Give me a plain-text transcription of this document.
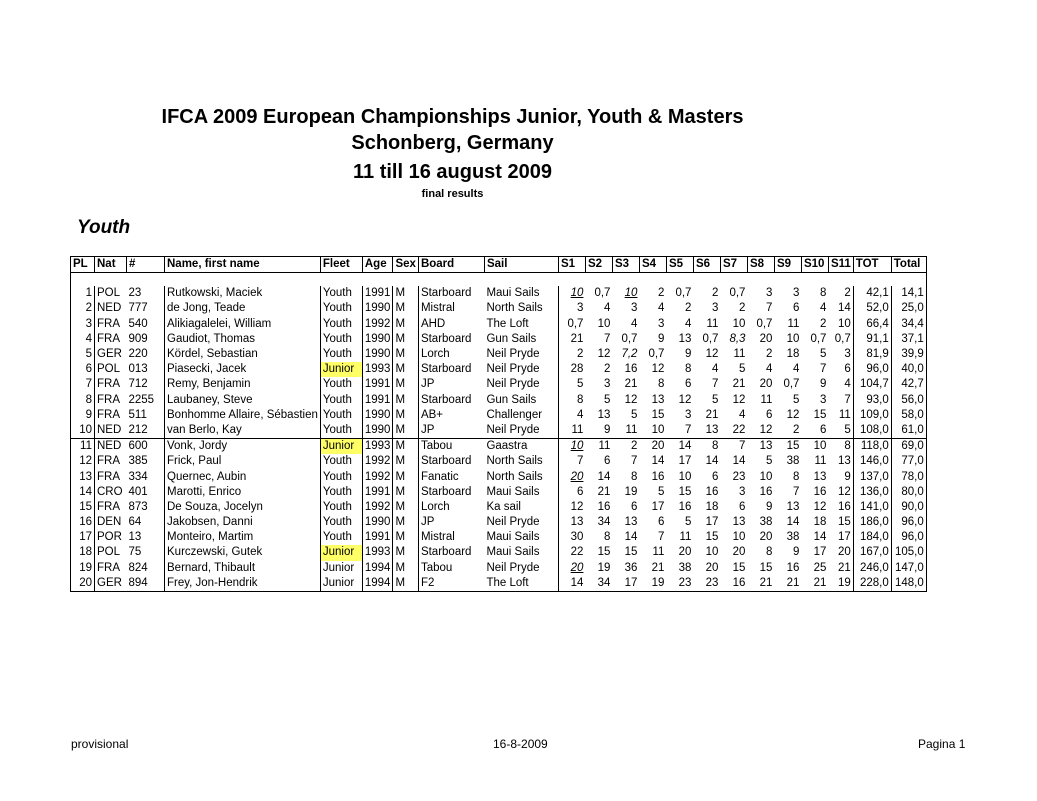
IFCA 2009 European Championships Junior, Youth & Masters
Schonberg, Germany
11 till 16 august 2009
final results
Youth
PL	Nat	#	Name, first name	Fleet	Age	Sex	Board	Sail	S1	S2	S3	S4	S5	S6	S7	S8	S9	S10	S11	TOT	Total

1	POL	23	Rutkowski, Maciek	Youth	1991	M	Starboard	Maui Sails	10	0,7	10	2	0,7	2	0,7	3	3	8	2	42,1	14,1
2	NED	777	de Jong, Teade	Youth	1990	M	Mistral	North Sails	3	4	3	4	2	3	2	7	6	4	14	52,0	25,0
3	FRA	540	Alikiagalelei, William	Youth	1992	M	AHD	The Loft	0,7	10	4	3	4	11	10	0,7	11	2	10	66,4	34,4
4	FRA	909	Gaudiot, Thomas	Youth	1990	M	Starboard	Gun Sails	21	7	0,7	9	13	0,7	8,3	20	10	0,7	0,7	91,1	37,1
5	GER	220	Kördel, Sebastian	Youth	1990	M	Lorch	Neil Pryde	2	12	7,2	0,7	9	12	11	2	18	5	3	81,9	39,9
6	POL	013	Piasecki, Jacek	Junior	1993	M	Starboard	Neil Pryde	28	2	16	12	8	4	5	4	4	7	6	96,0	40,0
7	FRA	712	Remy, Benjamin	Youth	1991	M	JP	Neil Pryde	5	3	21	8	6	7	21	20	0,7	9	4	104,7	42,7
8	FRA	2255	Laubaney, Steve	Youth	1991	M	Starboard	Gun Sails	8	5	12	13	12	5	12	11	5	3	7	93,0	56,0
9	FRA	511	Bonhomme Allaire, Sébastien	Youth	1990	M	AB+	Challenger	4	13	5	15	3	21	4	6	12	15	11	109,0	58,0
10	NED	212	van Berlo, Kay	Youth	1990	M	JP	Neil Pryde	11	9	11	10	7	13	22	12	2	6	5	108,0	61,0
11	NED	600	Vonk, Jordy	Junior	1993	M	Tabou	Gaastra	10	11	2	20	14	8	7	13	15	10	8	118,0	69,0
12	FRA	385	Frick, Paul	Youth	1992	M	Starboard	North Sails	7	6	7	14	17	14	14	5	38	11	13	146,0	77,0
13	FRA	334	Quernec, Aubin	Youth	1992	M	Fanatic	North Sails	20	14	8	16	10	6	23	10	8	13	9	137,0	78,0
14	CRO	401	Marotti, Enrico	Youth	1991	M	Starboard	Maui Sails	6	21	19	5	15	16	3	16	7	16	12	136,0	80,0
15	FRA	873	De Souza, Jocelyn	Youth	1992	M	Lorch	Ka sail	12	16	6	17	16	18	6	9	13	12	16	141,0	90,0
16	DEN	64	Jakobsen, Danni	Youth	1990	M	JP	Neil Pryde	13	34	13	6	5	17	13	38	14	18	15	186,0	96,0
17	POR	13	Monteiro, Martim	Youth	1991	M	Mistral	Maui Sails	30	8	14	7	11	15	10	20	38	14	17	184,0	96,0
18	POL	75	Kurczewski, Gutek	Junior	1993	M	Starboard	Maui Sails	22	15	15	11	20	10	20	8	9	17	20	167,0	105,0
19	FRA	824	Bernard, Thibault	Junior	1994	M	Tabou	Neil Pryde	20	19	36	21	38	20	15	15	16	25	21	246,0	147,0
20	GER	894	Frey, Jon-Hendrik	Junior	1994	M	F2	The Loft	14	34	17	19	23	23	16	21	21	21	19	228,0	148,0
provisional	16-8-2009	Pagina 1
